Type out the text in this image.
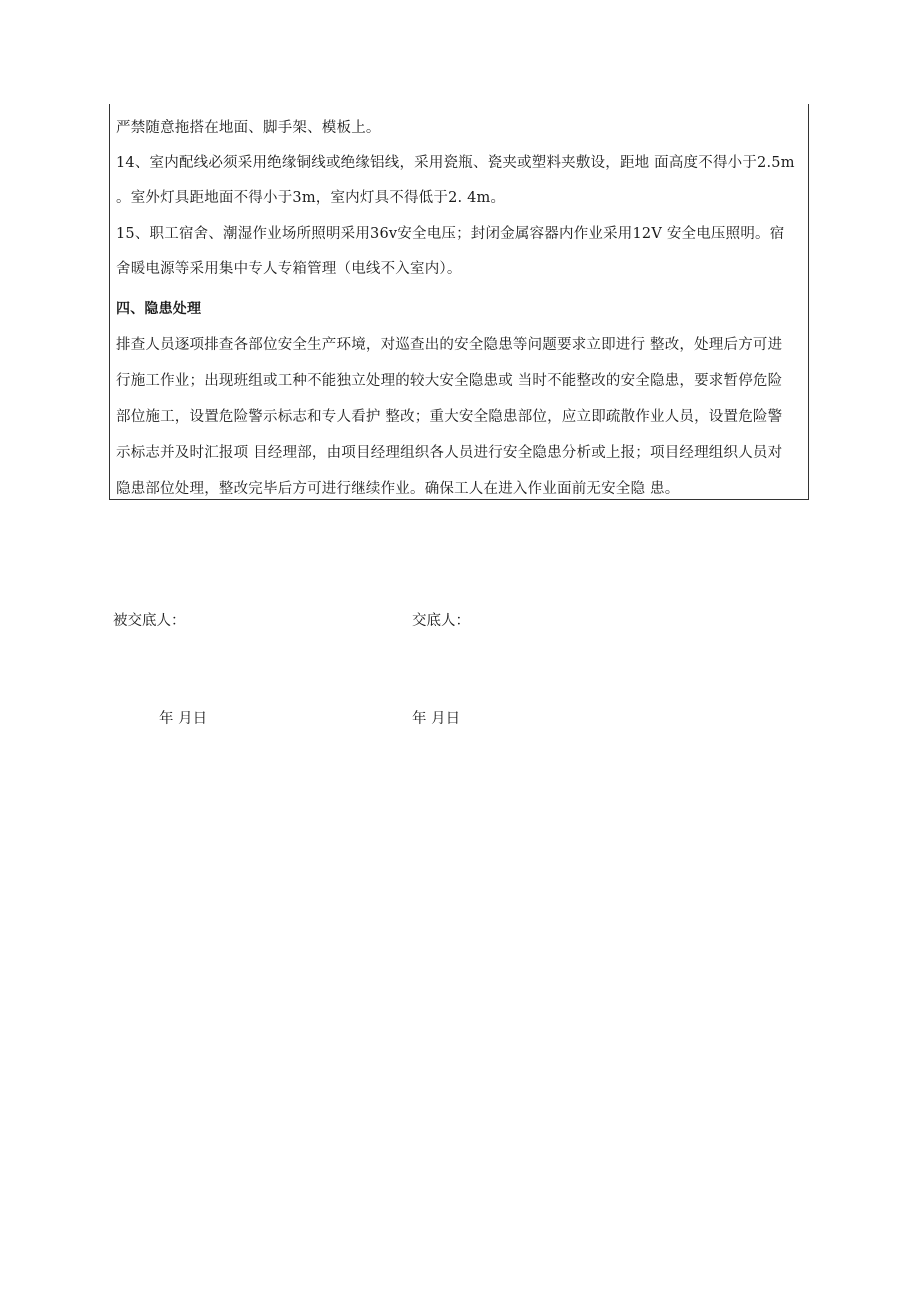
严禁随意拖搭在地面、脚手架、模板上。
14、室内配线必须采用绝缘铜线或绝缘铝线，采用瓷瓶、瓷夹或塑料夹敷设，距地 面高度不得小于2.5m
。室外灯具距地面不得小于3m，室内灯具不得低于2. 4m。
15、职工宿舍、潮湿作业场所照明采用36v安全电压；封闭金属容器内作业采用12V 安全电压照明。宿
舍暖电源等采用集中专人专箱管理（电线不入室内）。
四、隐患处理
排查人员逐项排查各部位安全生产环境，对巡查出的安全隐患等问题要求立即进行 整改，处理后方可进
行施工作业；出现班组或工种不能独立处理的较大安全隐患或 当时不能整改的安全隐患，要求暂停危险
部位施工，设置危险警示标志和专人看护 整改；重大安全隐患部位，应立即疏散作业人员，设置危险警
示标志并及时汇报项 目经理部，由项目经理组织各人员进行安全隐患分析或上报；项目经理组织人员对
隐患部位处理，整改完毕后方可进行继续作业。确保工人在进入作业面前无安全隐 患。
被交底人：	交底人：
年 月日	年 月日
